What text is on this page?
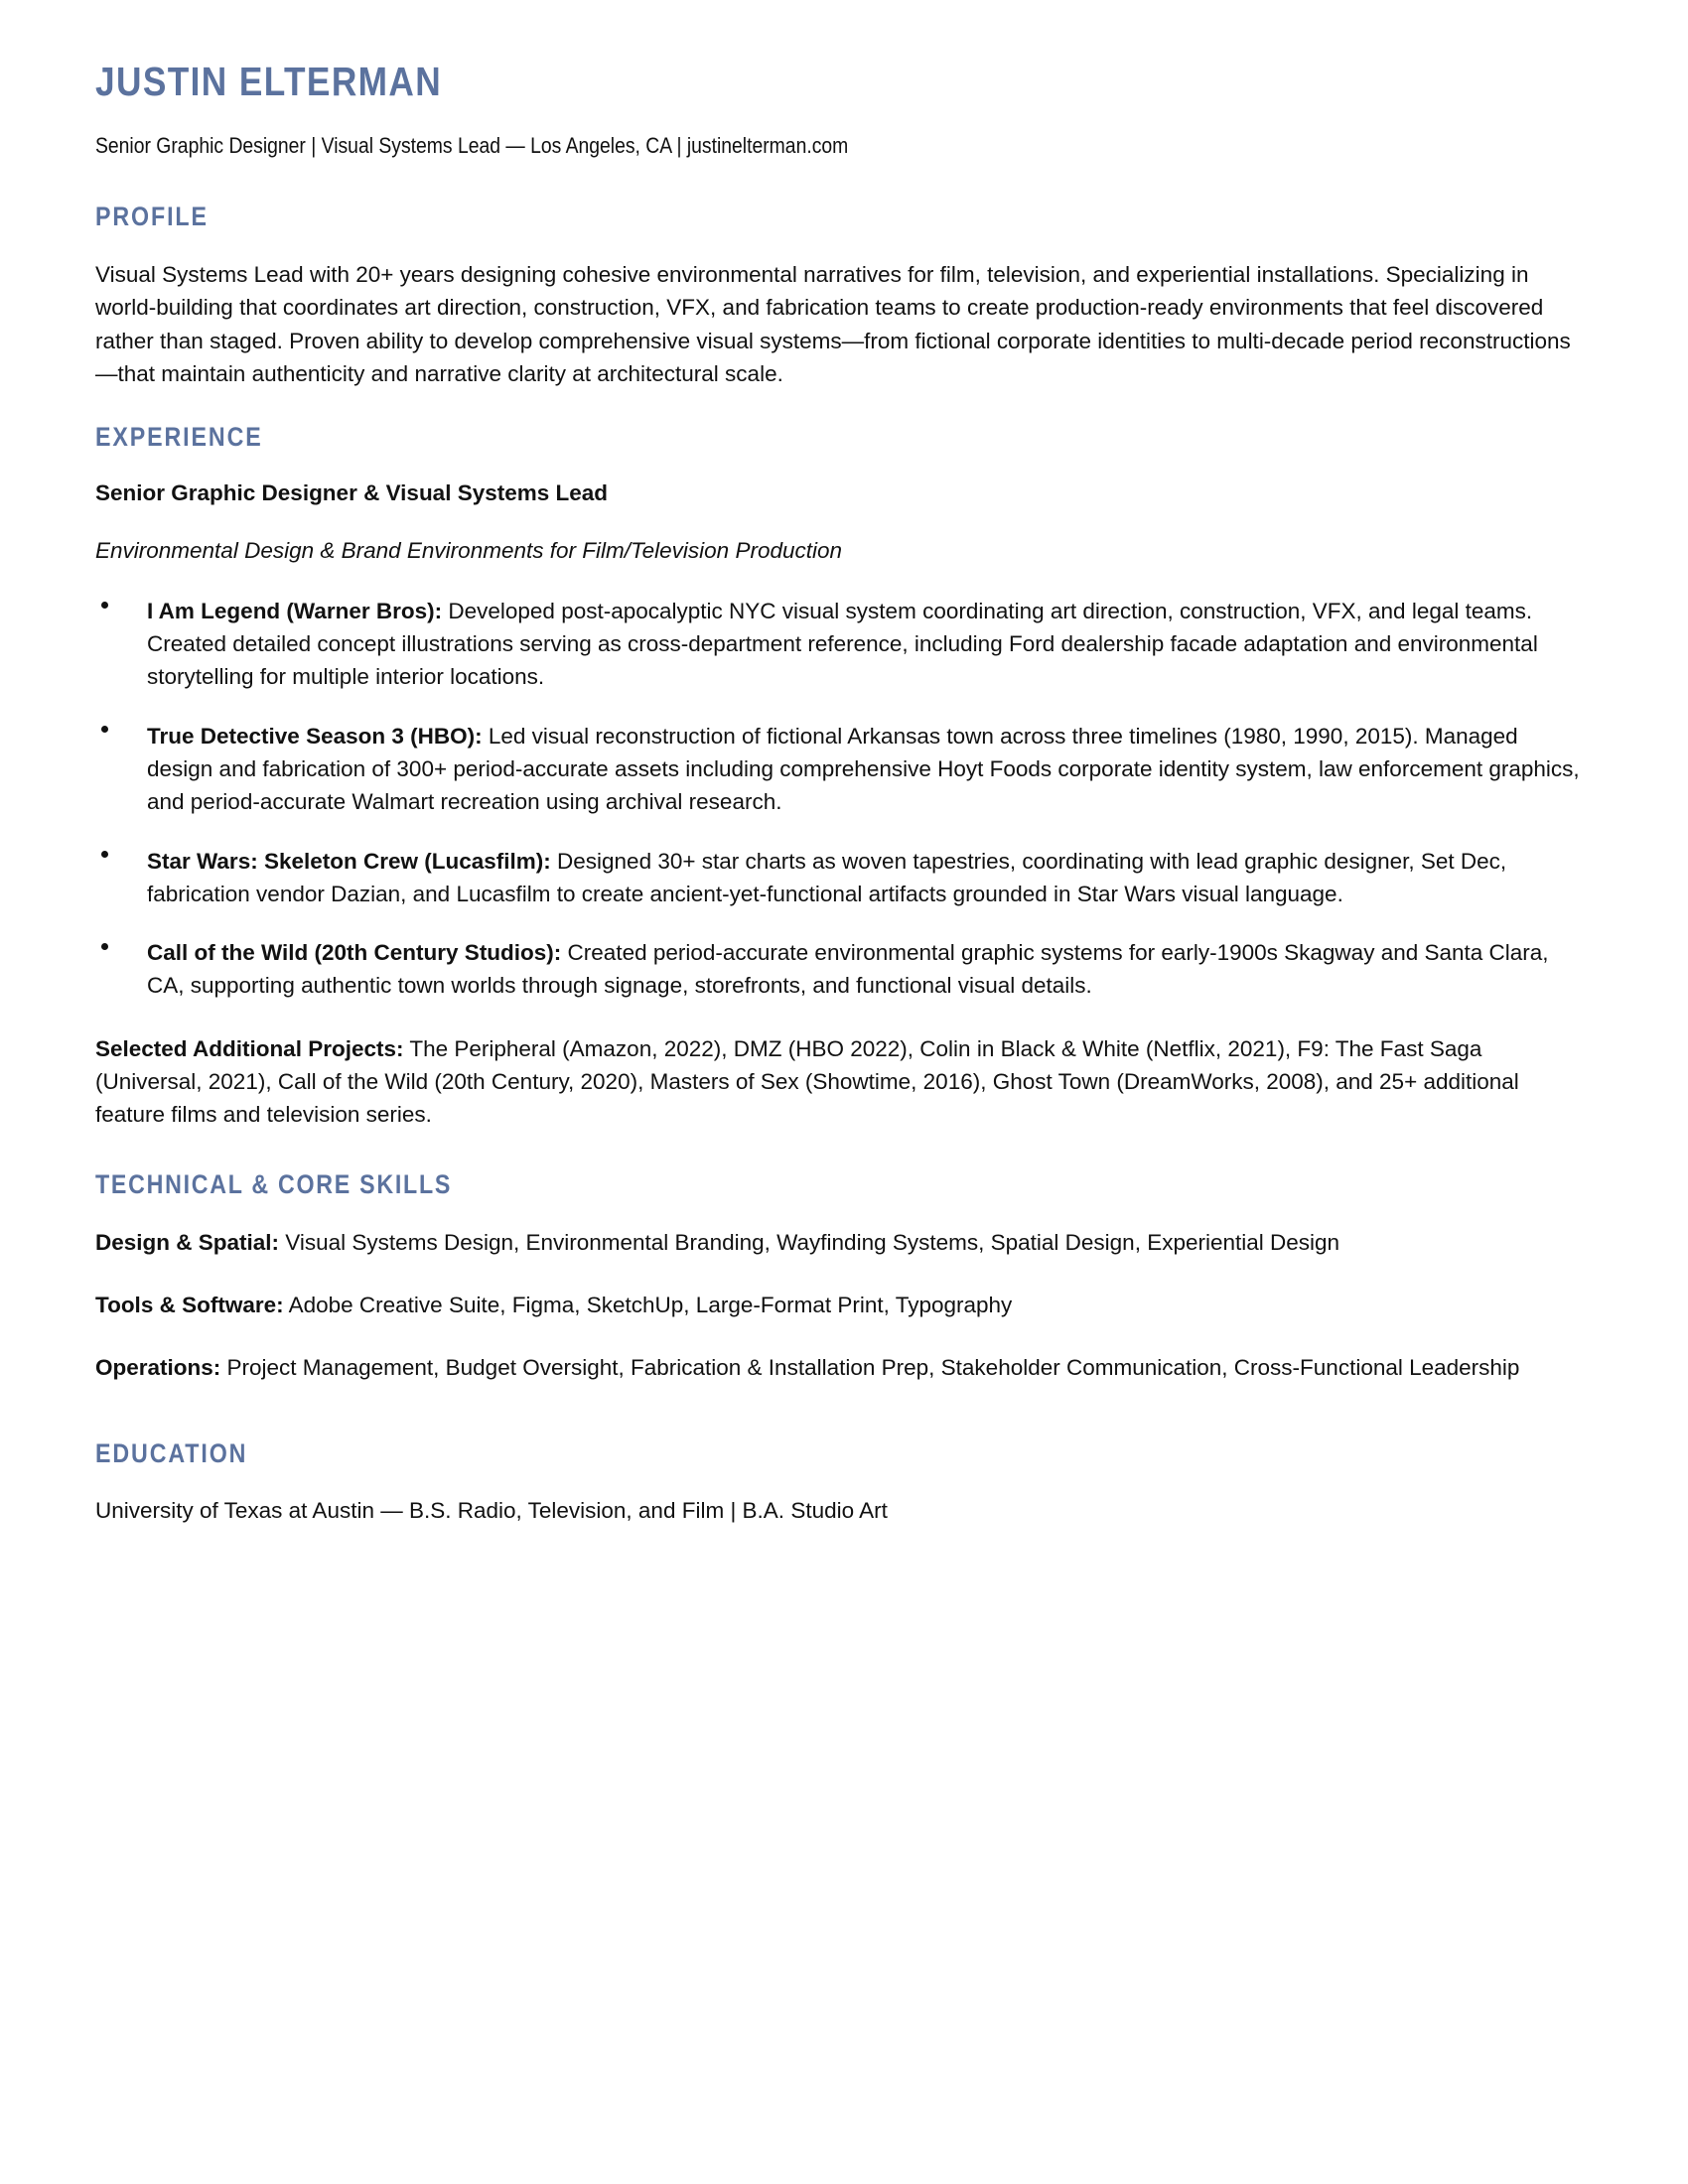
JUSTIN ELTERMAN

Senior Graphic Designer | Visual Systems Lead — Los Angeles, CA | justinelterman.com

PROFILE

Visual Systems Lead with 20+ years designing cohesive environmental narratives for film, television, and experiential installations. Specializing in world-building that coordinates art direction, construction, VFX, and fabrication teams to create production-ready environments that feel discovered rather than staged. Proven ability to develop comprehensive visual systems—from fictional corporate identities to multi-decade period reconstructions—that maintain authenticity and narrative clarity at architectural scale.

EXPERIENCE
Senior Graphic Designer & Visual Systems Lead
Environmental Design & Brand Environments for Film/Television Production
I Am Legend (Warner Bros): Developed post-apocalyptic NYC visual system coordinating art direction, construction, VFX, and legal teams. Created detailed concept illustrations serving as cross-department reference, including Ford dealership facade adaptation and environmental storytelling for multiple interior locations.
True Detective Season 3 (HBO): Led visual reconstruction of fictional Arkansas town across three timelines (1980, 1990, 2015). Managed design and fabrication of 300+ period-accurate assets including comprehensive Hoyt Foods corporate identity system, law enforcement graphics, and period-accurate Walmart recreation using archival research.
Star Wars: Skeleton Crew (Lucasfilm): Designed 30+ star charts as woven tapestries, coordinating with lead graphic designer, Set Dec, fabrication vendor Dazian, and Lucasfilm to create ancient-yet-functional artifacts grounded in Star Wars visual language.
Call of the Wild (20th Century Studios): Created period-accurate environmental graphic systems for early-1900s Skagway and Santa Clara, CA, supporting authentic town worlds through signage, storefronts, and functional visual details.

Selected Additional Projects: The Peripheral (Amazon, 2022), DMZ (HBO 2022), Colin in Black & White (Netflix, 2021), F9: The Fast Saga (Universal, 2021), Call of the Wild (20th Century, 2020), Masters of Sex (Showtime, 2016), Ghost Town (DreamWorks, 2008), and 25+ additional feature films and television series.

TECHNICAL & CORE SKILLS

Design & Spatial: Visual Systems Design, Environmental Branding, Wayfinding Systems, Spatial Design, Experiential Design

Tools & Software: Adobe Creative Suite, Figma, SketchUp, Large-Format Print, Typography

Operations: Project Management, Budget Oversight, Fabrication & Installation Prep, Stakeholder Communication, Cross-Functional Leadership

EDUCATION

University of Texas at Austin — B.S. Radio, Television, and Film | B.A. Studio Art
